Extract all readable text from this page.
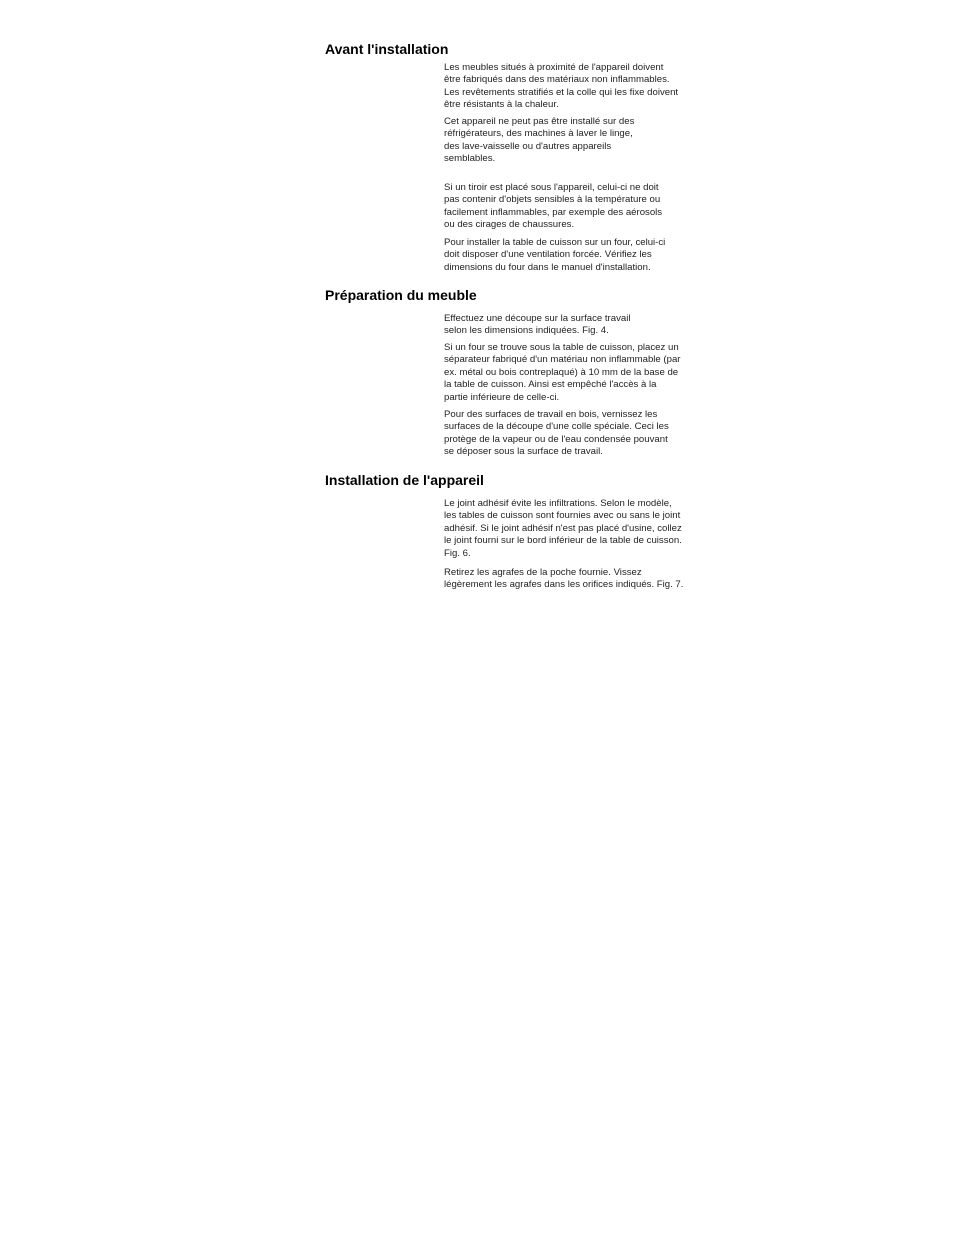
Avant l'installation

Les meubles situés à proximité de l'appareil doivent
être fabriqués dans des matériaux non inflammables.
Les revêtements stratifiés et la colle qui les fixe doivent
être résistants à la chaleur.

Cet appareil ne peut pas être installé sur des
réfrigérateurs, des machines à laver le linge,
des lave-vaisselle ou d'autres appareils
semblables.

Si un tiroir est placé sous l'appareil, celui-ci ne doit
pas contenir d'objets sensibles à la température ou
facilement inflammables, par exemple des aérosols
ou des cirages de chaussures.

Pour installer la table de cuisson sur un four, celui-ci
doit disposer d'une ventilation forcée. Vérifiez les
dimensions du four dans le manuel d'installation.

Préparation du meuble

Effectuez une découpe sur la surface travail
selon les dimensions indiquées. Fig. 4.

Si un four se trouve sous la table de cuisson, placez un
séparateur fabriqué d'un matériau non inflammable (par
ex. métal ou bois contreplaqué) à 10 mm de la base de
la table de cuisson. Ainsi est empêché l'accès à la
partie inférieure de celle-ci.

Pour des surfaces de travail en bois, vernissez les
surfaces de la découpe d'une colle spéciale. Ceci les
protège de la vapeur ou de l'eau condensée pouvant
se déposer sous la surface de travail.

Installation de l'appareil

Le joint adhésif évite les infiltrations. Selon le modèle,
les tables de cuisson sont fournies avec ou sans le joint
adhésif. Si le joint adhésif n'est pas placé d'usine, collez
le joint fourni sur le bord inférieur de la table de cuisson.
Fig. 6.

Retirez les agrafes de la poche fournie. Vissez
légèrement les agrafes dans les orifices indiqués. Fig. 7.
